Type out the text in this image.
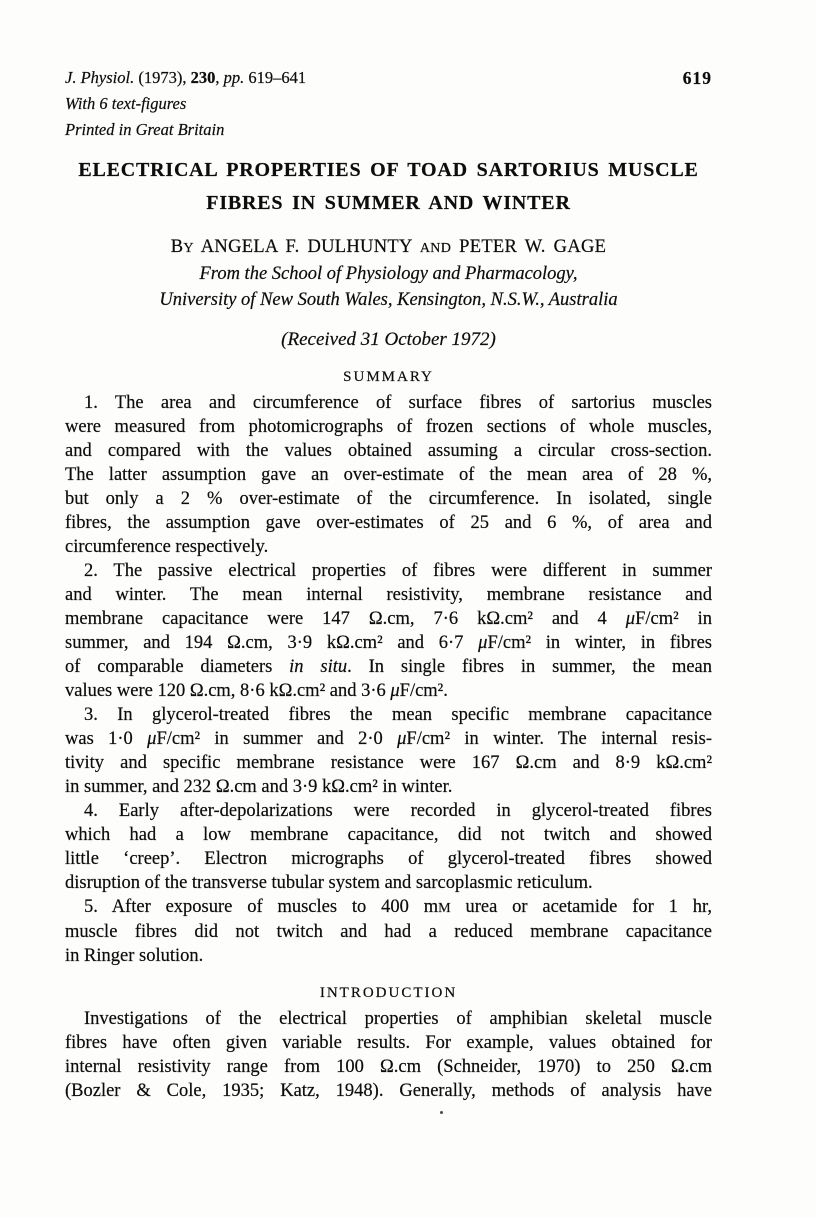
J. Physiol. (1973), 230, pp. 619–641	619
With 6 text-figures
Printed in Great Britain
ELECTRICAL PROPERTIES OF TOAD SARTORIUS MUSCLE
FIBRES IN SUMMER AND WINTER
BY ANGELA F. DULHUNTY AND PETER W. GAGE
From the School of Physiology and Pharmacology,
University of New South Wales, Kensington, N.S.W., Australia
(Received 31 October 1972)
SUMMARY
1. The area and circumference of surface fibres of sartorius muscles
were measured from photomicrographs of frozen sections of whole muscles,
and compared with the values obtained assuming a circular cross-section.
The latter assumption gave an over-estimate of the mean area of 28 %,
but only a 2 % over-estimate of the circumference. In isolated, single
fibres, the assumption gave over-estimates of 25 and 6 %, of area and
circumference respectively.
2. The passive electrical properties of fibres were different in summer
and winter. The mean internal resistivity, membrane resistance and
membrane capacitance were 147 Ω.cm, 7·6 kΩ.cm² and 4 μF/cm² in
summer, and 194 Ω.cm, 3·9 kΩ.cm² and 6·7 μF/cm² in winter, in fibres
of comparable diameters in situ. In single fibres in summer, the mean
values were 120 Ω.cm, 8·6 kΩ.cm² and 3·6 μF/cm².
3. In glycerol-treated fibres the mean specific membrane capacitance
was 1·0 μF/cm² in summer and 2·0 μF/cm² in winter. The internal resis-
tivity and specific membrane resistance were 167 Ω.cm and 8·9 kΩ.cm²
in summer, and 232 Ω.cm and 3·9 kΩ.cm² in winter.
4. Early after-depolarizations were recorded in glycerol-treated fibres
which had a low membrane capacitance, did not twitch and showed
little ‘creep’. Electron micrographs of glycerol-treated fibres showed
disruption of the transverse tubular system and sarcoplasmic reticulum.
5. After exposure of muscles to 400 mM urea or acetamide for 1 hr,
muscle fibres did not twitch and had a reduced membrane capacitance
in Ringer solution.
INTRODUCTION
Investigations of the electrical properties of amphibian skeletal muscle
fibres have often given variable results. For example, values obtained for
internal resistivity range from 100 Ω.cm (Schneider, 1970) to 250 Ω.cm
(Bozler & Cole, 1935; Katz, 1948). Generally, methods of analysis have
